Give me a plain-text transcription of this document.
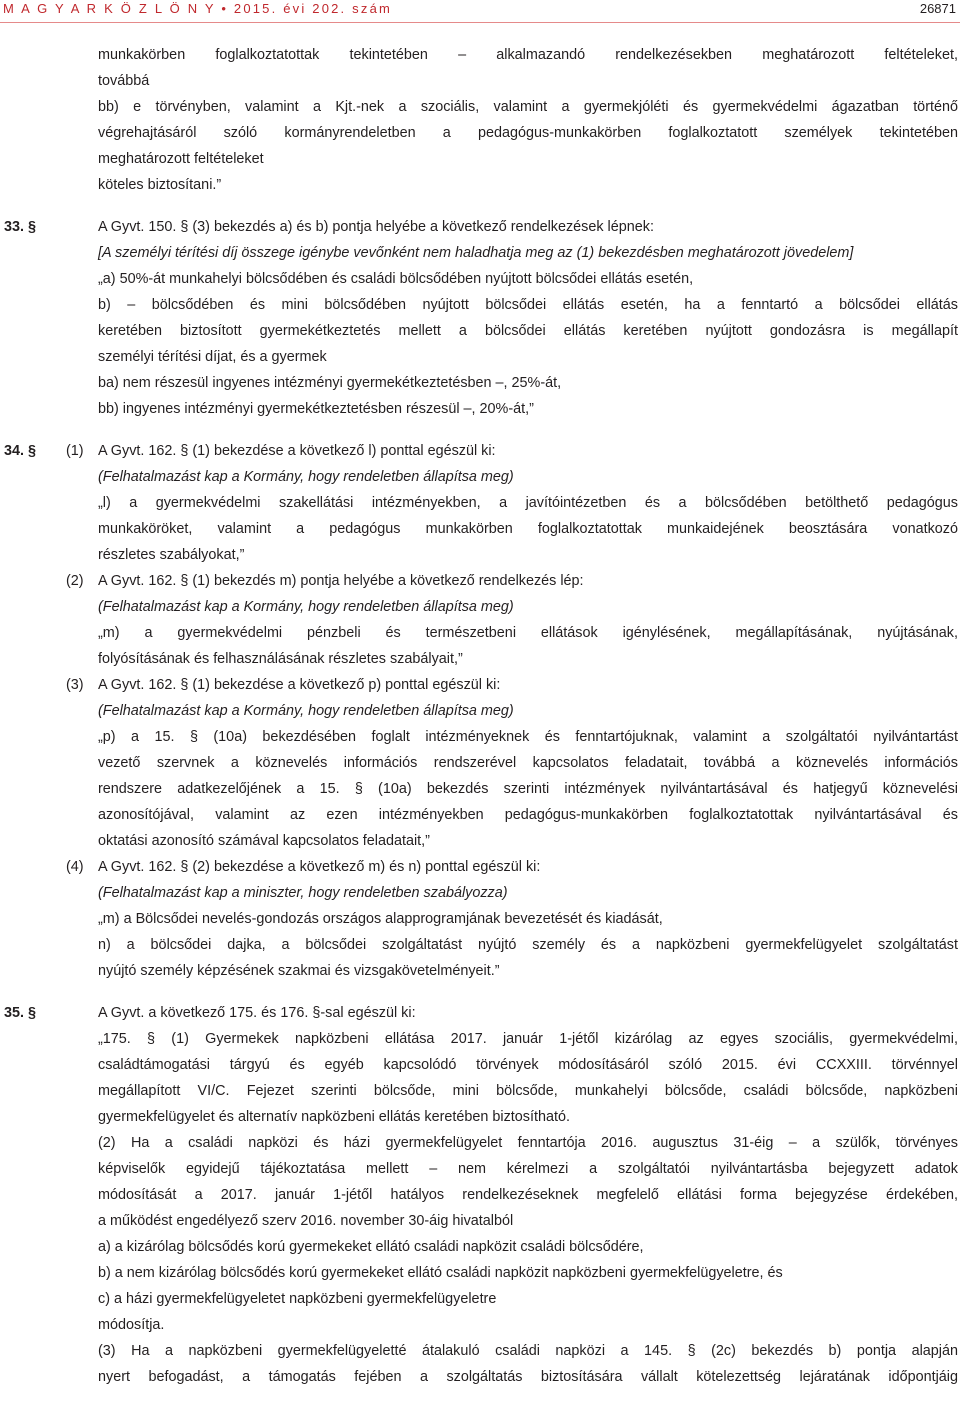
M A G Y A R K Ö Z L Ö N Y • 2015. évi 202. szám	26871
munkakörben foglalkoztatottak tekintetében – alkalmazandó rendelkezésekben meghatározott feltételeket,
továbbá
bb) e törvényben, valamint a Kjt.-nek a szociális, valamint a gyermekjóléti és gyermekvédelmi ágazatban történő
végrehajtásáról szóló kormányrendeletben a pedagógus-munkakörben foglalkoztatott személyek tekintetében
meghatározott feltételeket
köteles biztosítani.”
33. §	A Gyvt. 150. § (3) bekezdés a) és b) pontja helyébe a következő rendelkezések lépnek:
[A személyi térítési díj összege igénybe vevőnként nem haladhatja meg az (1) bekezdésben meghatározott jövedelem]
„a) 50%-át munkahelyi bölcsődében és családi bölcsődében nyújtott bölcsődei ellátás esetén,
b) – bölcsődében és mini bölcsődében nyújtott bölcsődei ellátás esetén, ha a fenntartó a bölcsődei ellátás
keretében biztosított gyermekétkeztetés mellett a bölcsődei ellátás keretében nyújtott gondozásra is megállapít
személyi térítési díjat, és a gyermek
ba) nem részesül ingyenes intézményi gyermekétkeztetésben –, 25%-át,
bb) ingyenes intézményi gyermekétkeztetésben részesül –, 20%-át,”
34. § (1) A Gyvt. 162. § (1) bekezdése a következő l) ponttal egészül ki:
(Felhatalmazást kap a Kormány, hogy rendeletben állapítsa meg)
„l) a gyermekvédelmi szakellátási intézményekben, a javítóintézetben és a bölcsődében betölthető pedagógus
munkaköröket, valamint a pedagógus munkakörben foglalkoztatottak munkaidejének beosztására vonatkozó
részletes szabályokat,”
(2) A Gyvt. 162. § (1) bekezdés m) pontja helyébe a következő rendelkezés lép:
(Felhatalmazást kap a Kormány, hogy rendeletben állapítsa meg)
„m) a gyermekvédelmi pénzbeli és természetbeni ellátások igénylésének, megállapításának, nyújtásának,
folyósításának és felhasználásának részletes szabályait,”
(3) A Gyvt. 162. § (1) bekezdése a következő p) ponttal egészül ki:
(Felhatalmazást kap a Kormány, hogy rendeletben állapítsa meg)
„p) a 15. § (10a) bekezdésében foglalt intézményeknek és fenntartójuknak, valamint a szolgáltatói nyilvántartást
vezető szervnek a köznevelés információs rendszerével kapcsolatos feladatait, továbbá a köznevelés információs
rendszere adatkezelőjének a 15. § (10a) bekezdés szerinti intézmények nyilvántartásával és hatjegyű köznevelési
azonosítójával, valamint az ezen intézményekben pedagógus-munkakörben foglalkoztatottak nyilvántartásával és
oktatási azonosító számával kapcsolatos feladatait,”
(4) A Gyvt. 162. § (2) bekezdése a következő m) és n) ponttal egészül ki:
(Felhatalmazást kap a miniszter, hogy rendeletben szabályozza)
„m) a Bölcsődei nevelés-gondozás országos alapprogramjának bevezetését és kiadását,
n) a bölcsődei dajka, a bölcsődei szolgáltatást nyújtó személy és a napközbeni gyermekfelügyelet szolgáltatást
nyújtó személy képzésének szakmai és vizsgakövetelményeit.”
35. §	A Gyvt. a következő 175. és 176. §-sal egészül ki:
„175. § (1) Gyermekek napközbeni ellátása 2017. január 1-jétől kizárólag az egyes szociális, gyermekvédelmi,
családtámogatási tárgyú és egyéb kapcsolódó törvények módosításáról szóló 2015. évi CCXXIII. törvénnyel
megállapított VI/C. Fejezet szerinti bölcsőde, mini bölcsőde, munkahelyi bölcsőde, családi bölcsőde, napközbeni
gyermekfelügyelet és alternatív napközbeni ellátás keretében biztosítható.
(2) Ha a családi napközi és házi gyermekfelügyelet fenntartója 2016. augusztus 31-éig – a szülők, törvényes
képviselők egyidejű tájékoztatása mellett – nem kérelmezi a szolgáltatói nyilvántartásba bejegyzett adatok
módosítását a 2017. január 1-jétől hatályos rendelkezéseknek megfelelő ellátási forma bejegyzése érdekében,
a működést engedélyező szerv 2016. november 30-áig hivatalból
a) a kizárólag bölcsődés korú gyermekeket ellátó családi napközit családi bölcsődére,
b) a nem kizárólag bölcsődés korú gyermekeket ellátó családi napközit napközbeni gyermekfelügyeletre, és
c) a házi gyermekfelügyeletet napközbeni gyermekfelügyeletre
módosítja.
(3) Ha a napközbeni gyermekfelügyeletté átalakuló családi napközi a 145. § (2c) bekezdés b) pontja alapján
nyert befogadást, a támogatás fejében a szolgáltatás biztosítására vállalt kötelezettség lejáratának időpontjáig
